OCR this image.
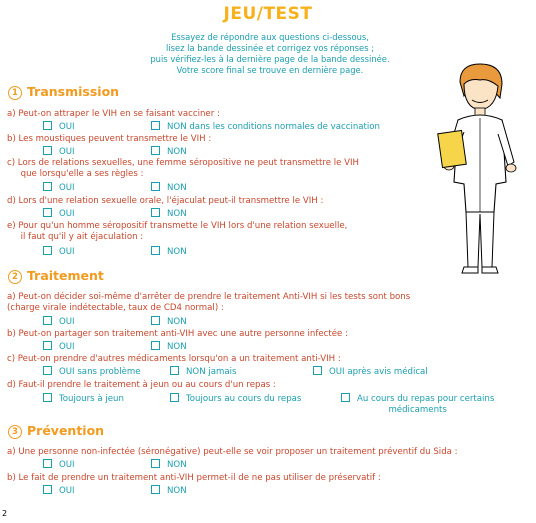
JEU/TEST
Essayez de répondre aux questions ci-dessous,
lisez la bande dessinée et corrigez vos réponses ;
puis vérifiez-les à la dernière page de la bande dessinée.
Votre score final se trouve en dernière page.
1 Transmission
a) Peut-on attraper le VIH en se faisant vacciner :
OUI	NON dans les conditions normales de vaccination
b) Les moustiques peuvent transmettre le VIH :
OUI	NON
c) Lors de relations sexuelles, une femme séropositive ne peut transmettre le VIH
que lorsqu'elle a ses règles :
OUI	NON
d) Lors d'une relation sexuelle orale, l'éjaculat peut-il transmettre le VIH :
OUI	NON
e) Pour qu'un homme séropositif transmette le VIH lors d'une relation sexuelle,
il faut qu'il y ait éjaculation :
OUI	NON
2 Traitement
a) Peut-on décider soi-même d'arrêter de prendre le traitement Anti-VIH si les tests sont bons
(charge virale indétectable, taux de CD4 normal) :
OUI	NON
b) Peut-on partager son traitement anti-VIH avec une autre personne infectée :
OUI	NON
c) Peut-on prendre d'autres médicaments lorsqu'on a un traitement anti-VIH :
OUI sans problème	NON jamais	OUI après avis médical
d) Faut-il prendre le traitement à jeun ou au cours d'un repas :
Toujours à jeun	Toujours au cours du repas	Au cours du repas pour certains
médicaments
3 Prévention
a) Une personne non-infectée (séronégative) peut-elle se voir proposer un traitement préventif du Sida :
OUI	NON
b) Le fait de prendre un traitement anti-VIH permet-il de ne pas utiliser de préservatif :
OUI	NON
2
